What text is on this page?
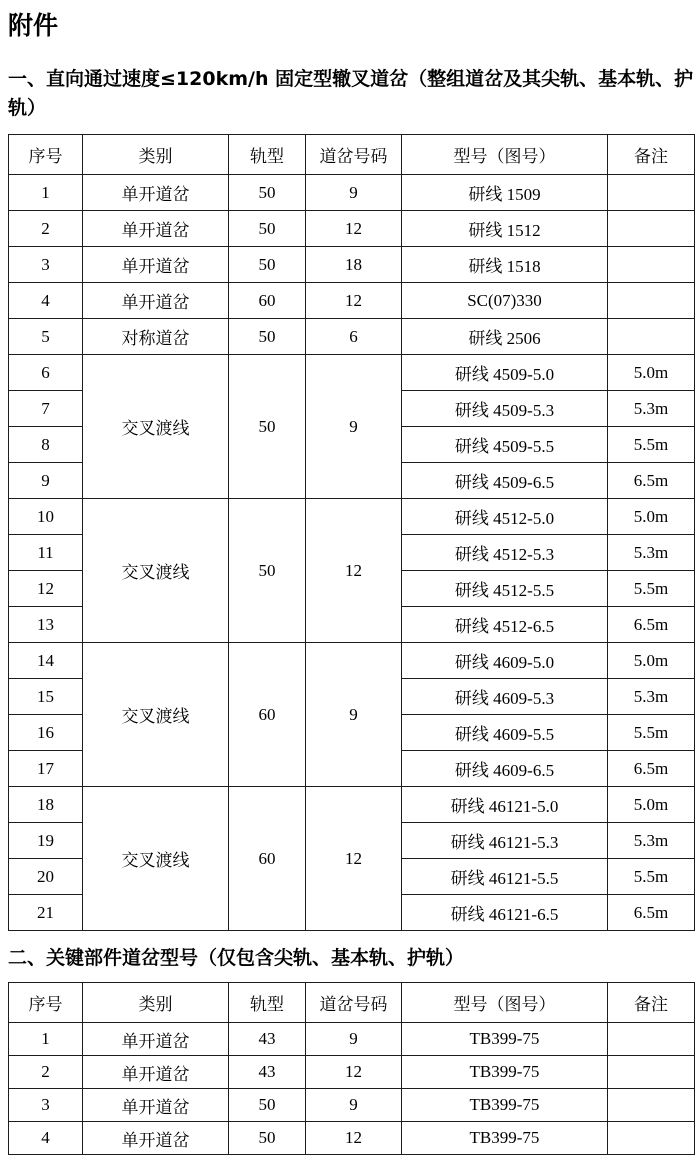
附件
一、直向通过速度≤120km/h 固定型辙叉道岔（整组道岔及其尖轨、基本轨、护轨）
序号	类别	轨型	道岔号码	型号（图号）	备注
1	单开道岔	50	9	研线 1509	
2	单开道岔	50	12	研线 1512	
3	单开道岔	50	18	研线 1518	
4	单开道岔	60	12	SC(07)330	
5	对称道岔	50	6	研线 2506	
6	交叉渡线	50	9	研线 4509-5.0	5.0m
7				研线 4509-5.3	5.3m
8				研线 4509-5.5	5.5m
9				研线 4509-6.5	6.5m
10	交叉渡线	50	12	研线 4512-5.0	5.0m
11				研线 4512-5.3	5.3m
12				研线 4512-5.5	5.5m
13				研线 4512-6.5	6.5m
14	交叉渡线	60	9	研线 4609-5.0	5.0m
15				研线 4609-5.3	5.3m
16				研线 4609-5.5	5.5m
17				研线 4609-6.5	6.5m
18	交叉渡线	60	12	研线 46121-5.0	5.0m
19				研线 46121-5.3	5.3m
20				研线 46121-5.5	5.5m
21				研线 46121-6.5	6.5m
二、关键部件道岔型号（仅包含尖轨、基本轨、护轨）
序号	类别	轨型	道岔号码	型号（图号）	备注
1	单开道岔	43	9	TB399-75	
2	单开道岔	43	12	TB399-75	
3	单开道岔	50	9	TB399-75	
4	单开道岔	50	12	TB399-75	
